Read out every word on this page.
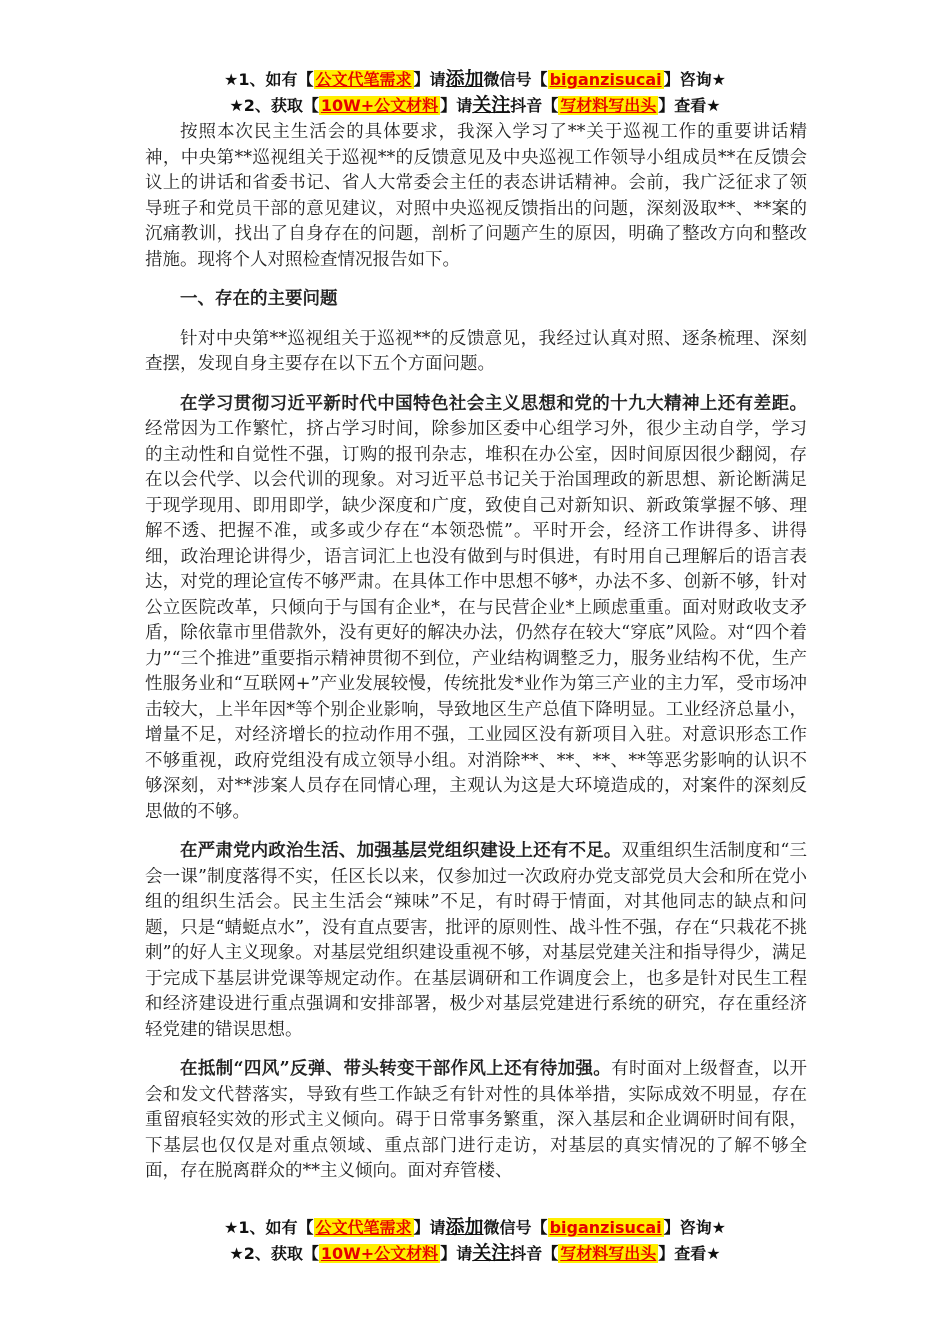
★1、如有【 公文代笔需求 】请添加微信号【 biganzisucai 】咨询★
★2、获取【 10W+公文材料 】请关注抖音【 写材料写出头 】查看★

按照本次民主生活会的具体要求，我深入学习了**关于巡视工作的重要讲话精神，中央第**巡视组关于巡视**的反馈意见及中央巡视工作领导小组成员**在反馈会议上的讲话和省委书记、省人大常委会主任的表态讲话精神。会前，我广泛征求了领导班子和党员干部的意见建议，对照中央巡视反馈指出的问题，深刻汲取**、**案的沉痛教训，找出了自身存在的问题，剖析了问题产生的原因，明确了整改方向和整改措施。现将个人对照检查情况报告如下。

一、存在的主要问题

针对中央第**巡视组关于巡视**的反馈意见，我经过认真对照、逐条梳理、深刻查摆，发现自身主要存在以下五个方面问题。

在学习贯彻习近平新时代中国特色社会主义思想和党的十九大精神上还有差距。经常因为工作繁忙，挤占学习时间，除参加区委中心组学习外，很少主动自学，学习的主动性和自觉性不强，订购的报刊杂志，堆积在办公室，因时间原因很少翻阅，存在以会代学、以会代训的现象。对习近平总书记关于治国理政的新思想、新论断满足于现学现用、即用即学，缺少深度和广度，致使自己对新知识、新政策掌握不够、理解不透、把握不准，或多或少存在“本领恐慌”。平时开会，经济工作讲得多、讲得细，政治理论讲得少，语言词汇上也没有做到与时俱进，有时用自己理解后的语言表达，对党的理论宣传不够严肃。在具体工作中思想不够*，办法不多、创新不够，针对公立医院改革，只倾向于与国有企业*，在与民营企业*上顾虑重重。面对财政收支矛盾，除依靠市里借款外，没有更好的解决办法，仍然存在较大“穿底”风险。对“四个着力”“三个推进”重要指示精神贯彻不到位，产业结构调整乏力，服务业结构不优，生产性服务业和“互联网+”产业发展较慢，传统批发*业作为第三产业的主力军，受市场冲击较大，上半年因*等个别企业影响，导致地区生产总值下降明显。工业经济总量小，增量不足，对经济增长的拉动作用不强，工业园区没有新项目入驻。对意识形态工作不够重视，政府党组没有成立领导小组。对消除**、**、**、**等恶劣影响的认识不够深刻，对**涉案人员存在同情心理，主观认为这是大环境造成的，对案件的深刻反思做的不够。

在严肃党内政治生活、加强基层党组织建设上还有不足。双重组织生活制度和“三会一课”制度落得不实，任区长以来，仅参加过一次政府办党支部党员大会和所在党小组的组织生活会。民主生活会“辣味”不足，有时碍于情面，对其他同志的缺点和问题，只是“蜻蜓点水”，没有直点要害，批评的原则性、战斗性不强，存在“只栽花不挑刺”的好人主义现象。对基层党组织建设重视不够，对基层党建关注和指导得少，满足于完成下基层讲党课等规定动作。在基层调研和工作调度会上，也多是针对民生工程和经济建设进行重点强调和安排部署，极少对基层党建进行系统的研究，存在重经济轻党建的错误思想。

在抵制“四风”反弹、带头转变干部作风上还有待加强。有时面对上级督查，以开会和发文代替落实，导致有些工作缺乏有针对性的具体举措，实际成效不明显，存在重留痕轻实效的形式主义倾向。碍于日常事务繁重，深入基层和企业调研时间有限，下基层也仅仅是对重点领域、重点部门进行走访，对基层的真实情况的了解不够全面，存在脱离群众的**主义倾向。面对弃管楼、

★1、如有【 公文代笔需求 】请添加微信号【 biganzisucai 】咨询★
★2、获取【 10W+公文材料 】请关注抖音【 写材料写出头 】查看★
